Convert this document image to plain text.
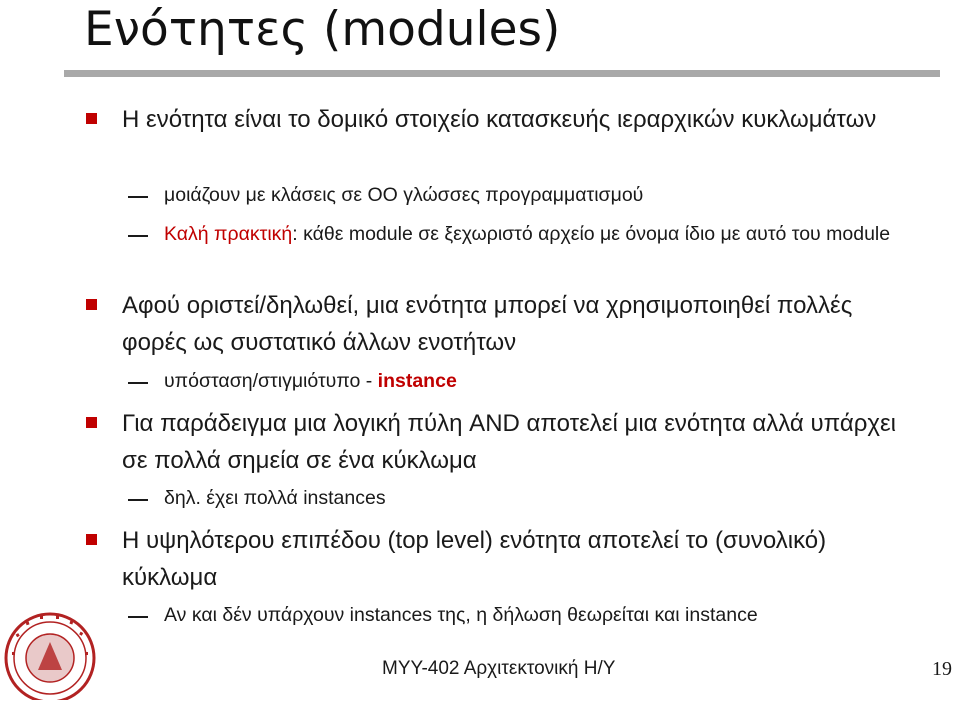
Ενότητες (modules)
Η ενότητα είναι το δομικό στοιχείο κατασκευής ιεραρχικών κυκλωμάτων
μοιάζουν με κλάσεις σε OO γλώσσες προγραμματισμού
Καλή πρακτική: κάθε module σε ξεχωριστό αρχείο με όνομα ίδιο με αυτό του module
Αφού οριστεί/δηλωθεί, μια ενότητα μπορεί να χρησιμοποιηθεί πολλές φορές ως συστατικό άλλων ενοτήτων
υπόσταση/στιγμιότυπο - instance
Για παράδειγμα μια λογική πύλη AND αποτελεί μια ενότητα αλλά υπάρχει σε πολλά σημεία σε ένα κύκλωμα
δηλ. έχει πολλά instances
Η υψηλότερου επιπέδου (top level) ενότητα αποτελεί το (συνολικό) κύκλωμα
Αν και δέν υπάρχουν instances της, η δήλωση θεωρείται και instance
ΜΥΥ-402 Αρχιτεκτονική Η/Υ	19
